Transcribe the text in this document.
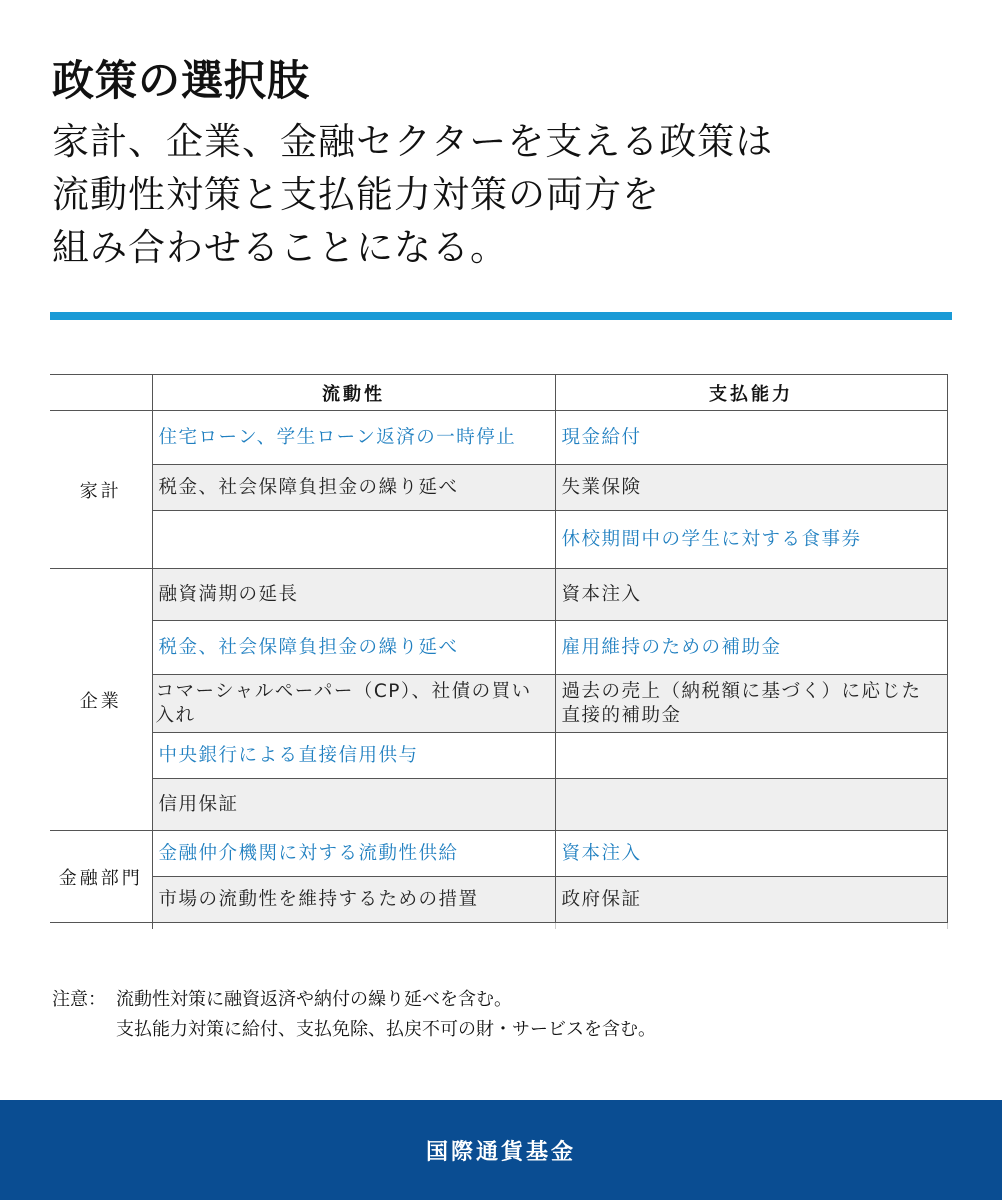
政策の選択肢
家計、企業、金融セクターを支える政策は
流動性対策と支払能力対策の両方を
組み合わせることになる。
	流動性	支払能力
家計	住宅ローン、学生ローン返済の一時停止	現金給付
	税金、社会保障負担金の繰り延べ	失業保険
		休校期間中の学生に対する食事券
企業	融資満期の延長	資本注入
	税金、社会保障負担金の繰り延べ	雇用維持のための補助金
	コマーシャルペーパー（CP）、社債の買い入れ	過去の売上（納税額に基づく）に応じた直接的補助金
	中央銀行による直接信用供与	
	信用保証	
金融部門	金融仲介機関に対する流動性供給	資本注入
	市場の流動性を維持するための措置	政府保証

注意： 流動性対策に融資返済や納付の繰り延べを含む。
支払能力対策に給付、支払免除、払戻不可の財・サービスを含む。
国際通貨基金
